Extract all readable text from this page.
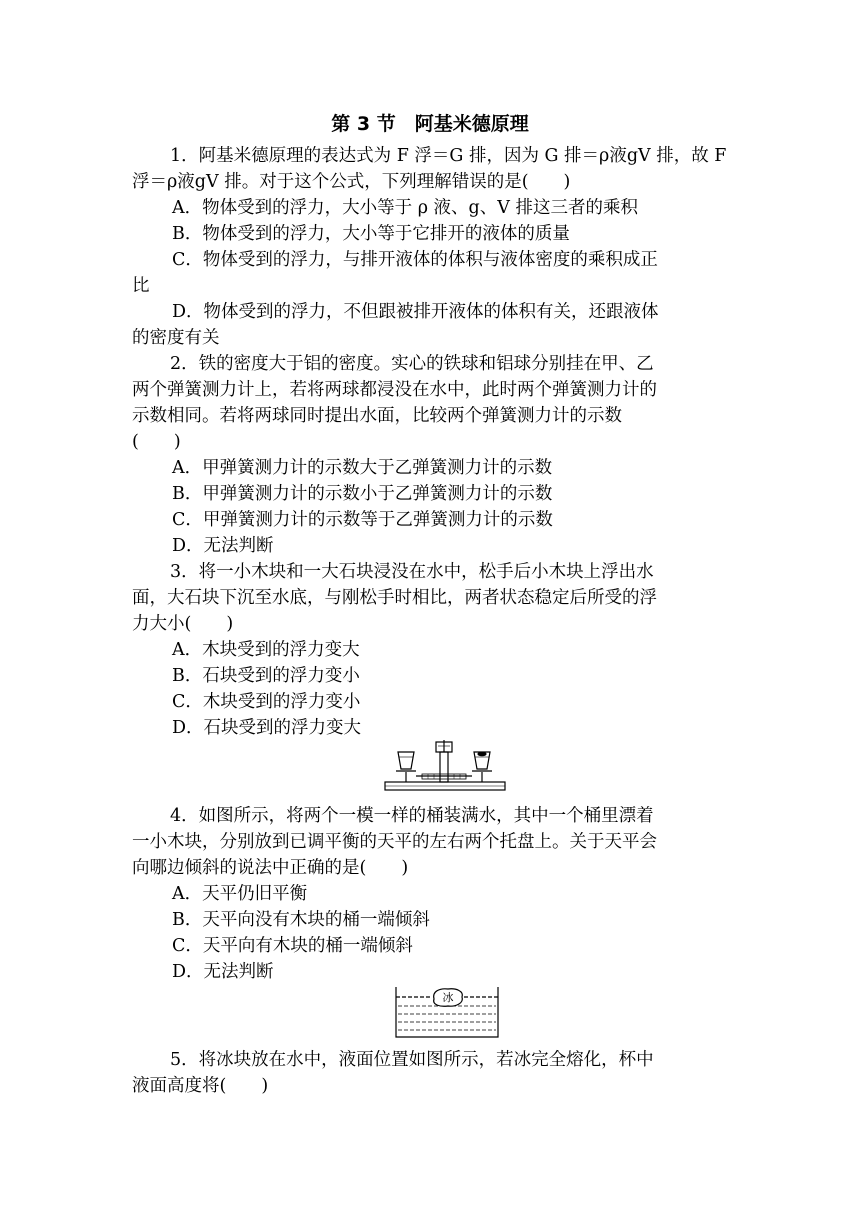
第 3 节　阿基米德原理
1．阿基米德原理的表达式为 F 浮＝G 排，因为 G 排＝ρ液gV 排，故 F
浮＝ρ液gV 排。对于这个公式，下列理解错误的是(　　)
A．物体受到的浮力，大小等于 ρ 液、g、V 排这三者的乘积
B．物体受到的浮力，大小等于它排开的液体的质量
C．物体受到的浮力，与排开液体的体积与液体密度的乘积成正
比
D．物体受到的浮力，不但跟被排开液体的体积有关，还跟液体
的密度有关
2．铁的密度大于铝的密度。实心的铁球和铝球分别挂在甲、乙
两个弹簧测力计上，若将两球都浸没在水中，此时两个弹簧测力计的
示数相同。若将两球同时提出水面，比较两个弹簧测力计的示数
(　　)
A．甲弹簧测力计的示数大于乙弹簧测力计的示数
B．甲弹簧测力计的示数小于乙弹簧测力计的示数
C．甲弹簧测力计的示数等于乙弹簧测力计的示数
D．无法判断
3．将一小木块和一大石块浸没在水中，松手后小木块上浮出水
面，大石块下沉至水底，与刚松手时相比，两者状态稳定后所受的浮
力大小(　　)
A．木块受到的浮力变大
B．石块受到的浮力变小
C．木块受到的浮力变小
D．石块受到的浮力变大
4．如图所示，将两个一模一样的桶装满水，其中一个桶里漂着
一小木块，分别放到已调平衡的天平的左右两个托盘上。关于天平会
向哪边倾斜的说法中正确的是(　　)
A．天平仍旧平衡
B．天平向没有木块的桶一端倾斜
C．天平向有木块的桶一端倾斜
D．无法判断
冰
5．将冰块放在水中，液面位置如图所示，若冰完全熔化，杯中
液面高度将(　　)
